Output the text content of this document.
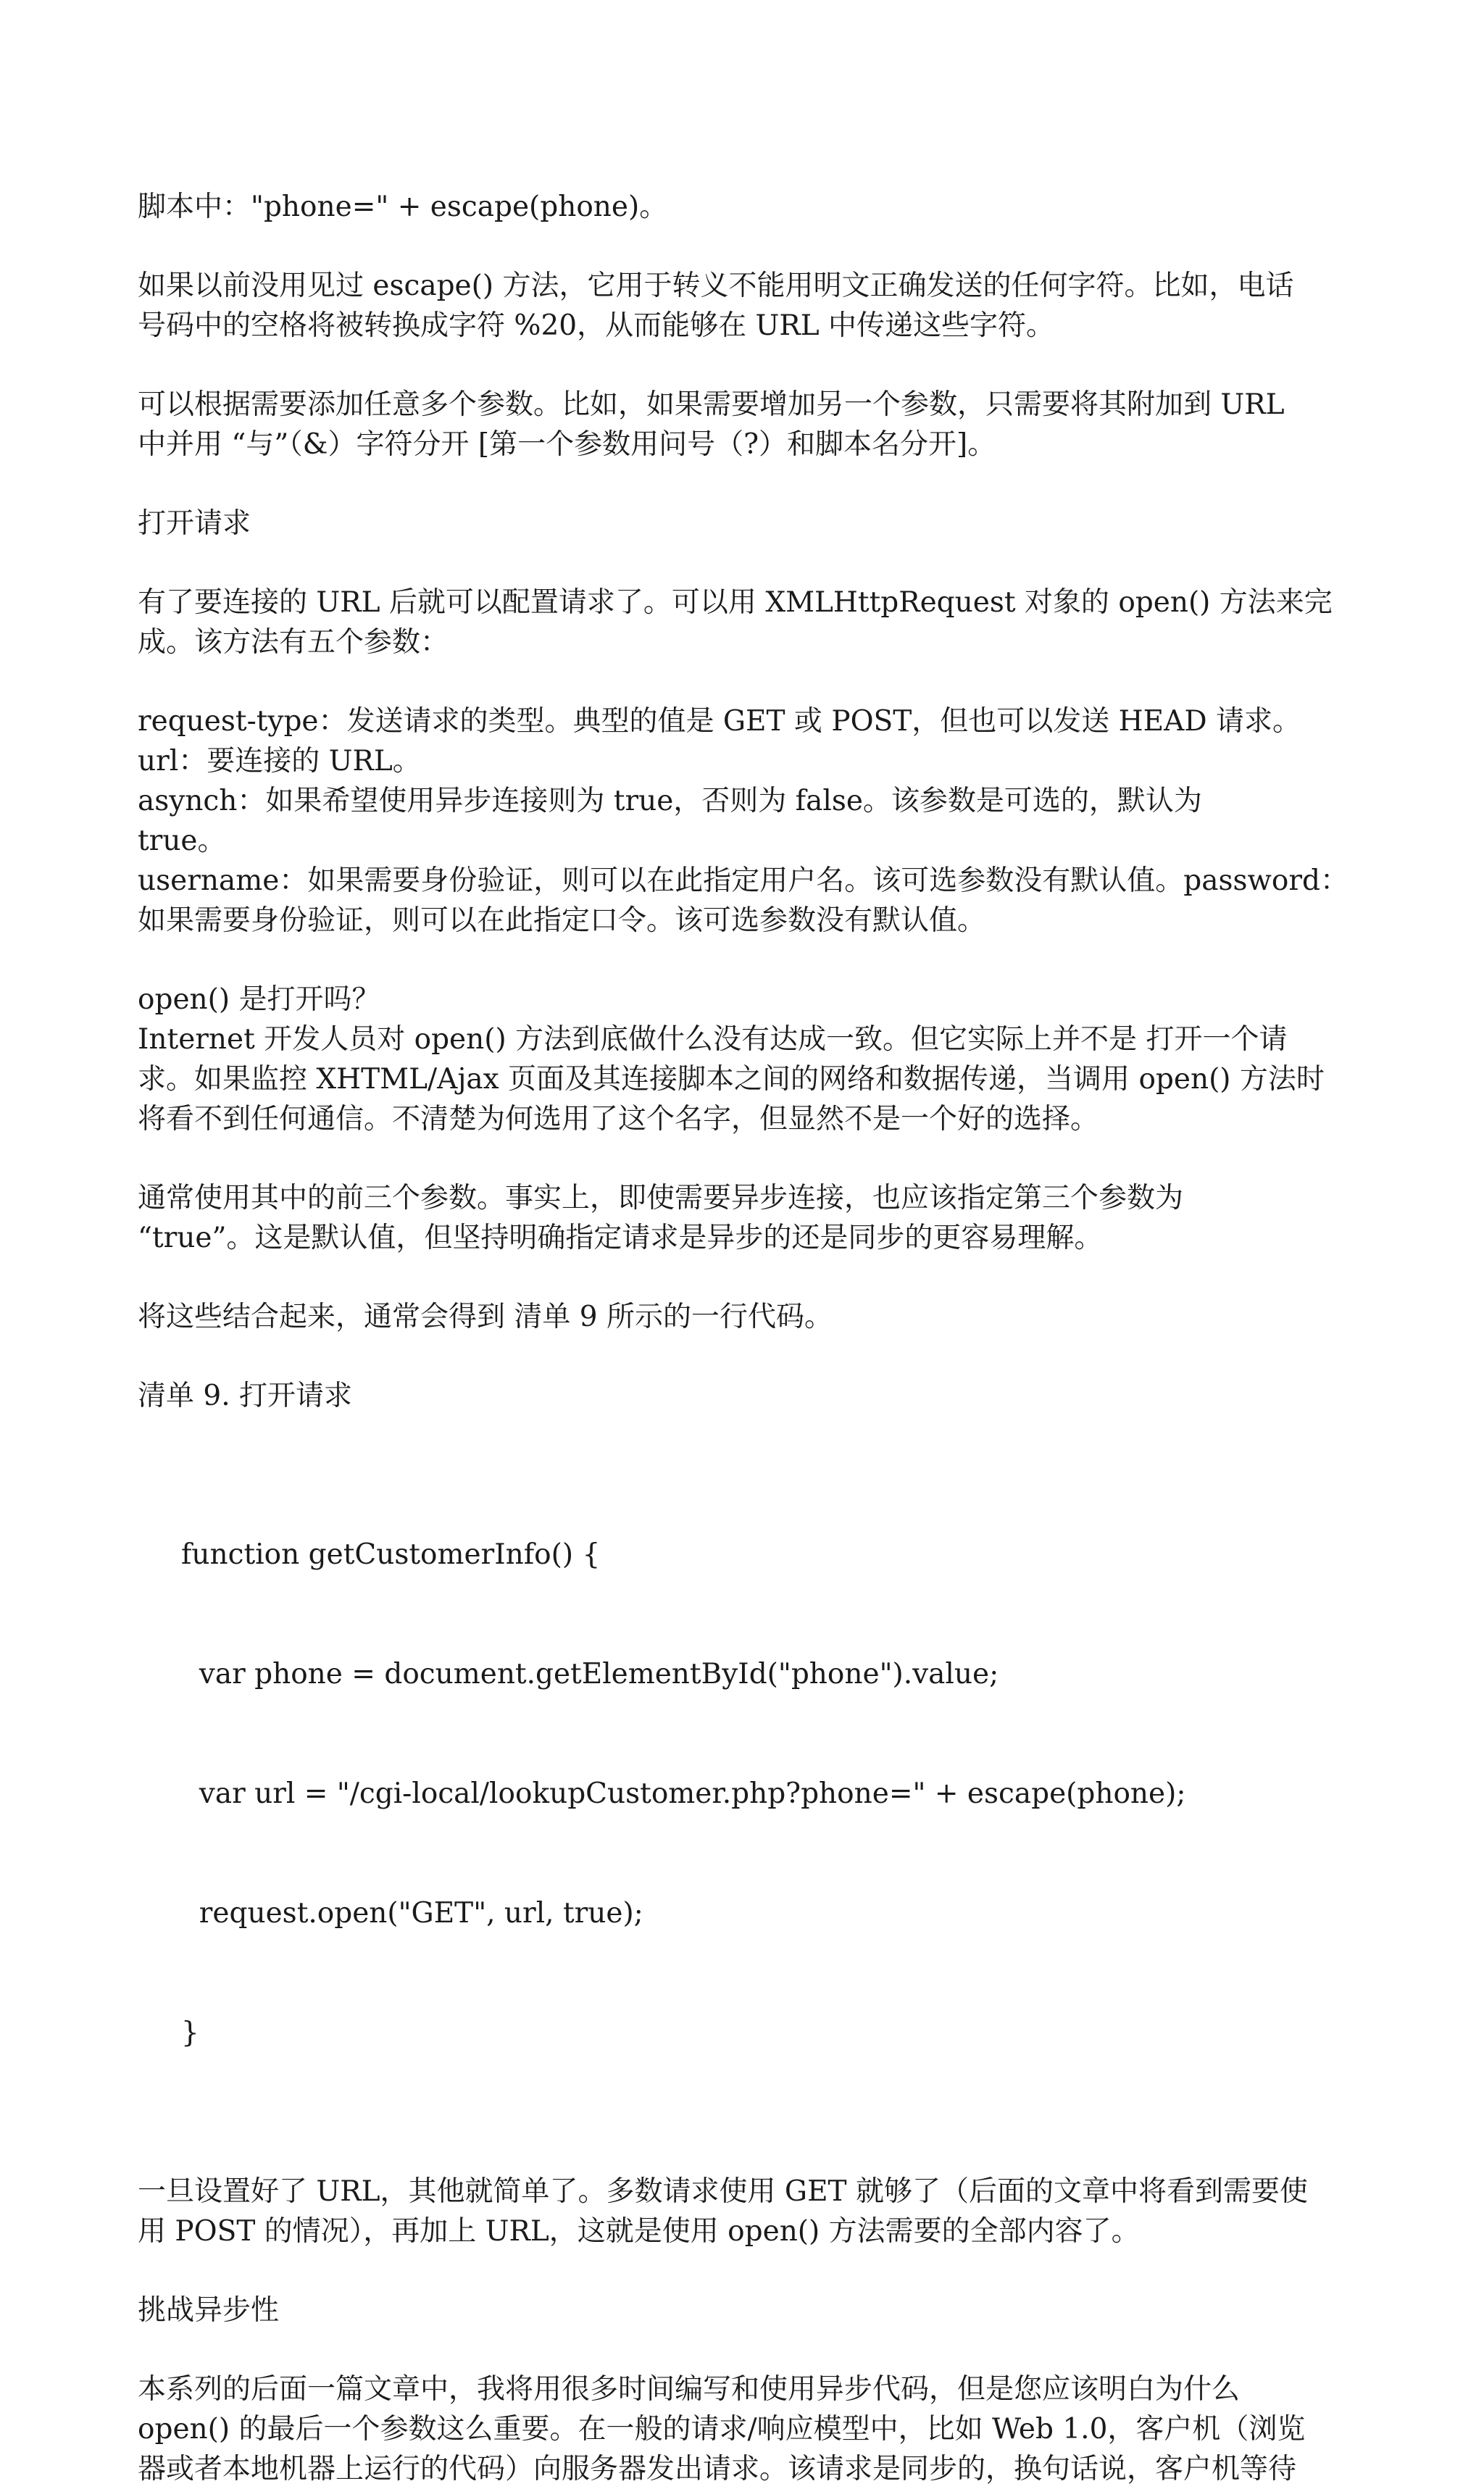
脚本中："phone=" + escape(phone)。
如果以前没用见过 escape() 方法，它用于转义不能用明文正确发送的任何字符。比如，电话
号码中的空格将被转换成字符 %20，从而能够在 URL 中传递这些字符。
可以根据需要添加任意多个参数。比如，如果需要增加另一个参数，只需要将其附加到 URL
中并用 “与”（&）字符分开 [第一个参数用问号（?）和脚本名分开]。
打开请求
有了要连接的 URL 后就可以配置请求了。可以用 XMLHttpRequest 对象的 open() 方法来完
成。该方法有五个参数：
request-type：发送请求的类型。典型的值是 GET 或 POST，但也可以发送 HEAD 请求。
url：要连接的 URL。
asynch：如果希望使用异步连接则为 true，否则为 false。该参数是可选的，默认为
true。
username：如果需要身份验证，则可以在此指定用户名。该可选参数没有默认值。password：
如果需要身份验证，则可以在此指定口令。该可选参数没有默认值。
open() 是打开吗？
Internet 开发人员对 open() 方法到底做什么没有达成一致。但它实际上并不是 打开一个请
求。如果监控 XHTML/Ajax 页面及其连接脚本之间的网络和数据传递，当调用 open() 方法时
将看不到任何通信。不清楚为何选用了这个名字，但显然不是一个好的选择。
通常使用其中的前三个参数。事实上，即使需要异步连接，也应该指定第三个参数为
“true”。这是默认值，但坚持明确指定请求是异步的还是同步的更容易理解。
将这些结合起来，通常会得到 清单 9 所示的一行代码。
清单 9. 打开请求

function getCustomerInfo() {

var phone = document.getElementById("phone").value;

var url = "/cgi-local/lookupCustomer.php?phone=" + escape(phone);

request.open("GET", url, true);

}

一旦设置好了 URL，其他就简单了。多数请求使用 GET 就够了（后面的文章中将看到需要使
用 POST 的情况），再加上 URL，这就是使用 open() 方法需要的全部内容了。
挑战异步性
本系列的后面一篇文章中，我将用很多时间编写和使用异步代码，但是您应该明白为什么
open() 的最后一个参数这么重要。在一般的请求/响应模型中，比如 Web 1.0，客户机（浏览
器或者本地机器上运行的代码）向服务器发出请求。该请求是同步的，换句话说，客户机等待
